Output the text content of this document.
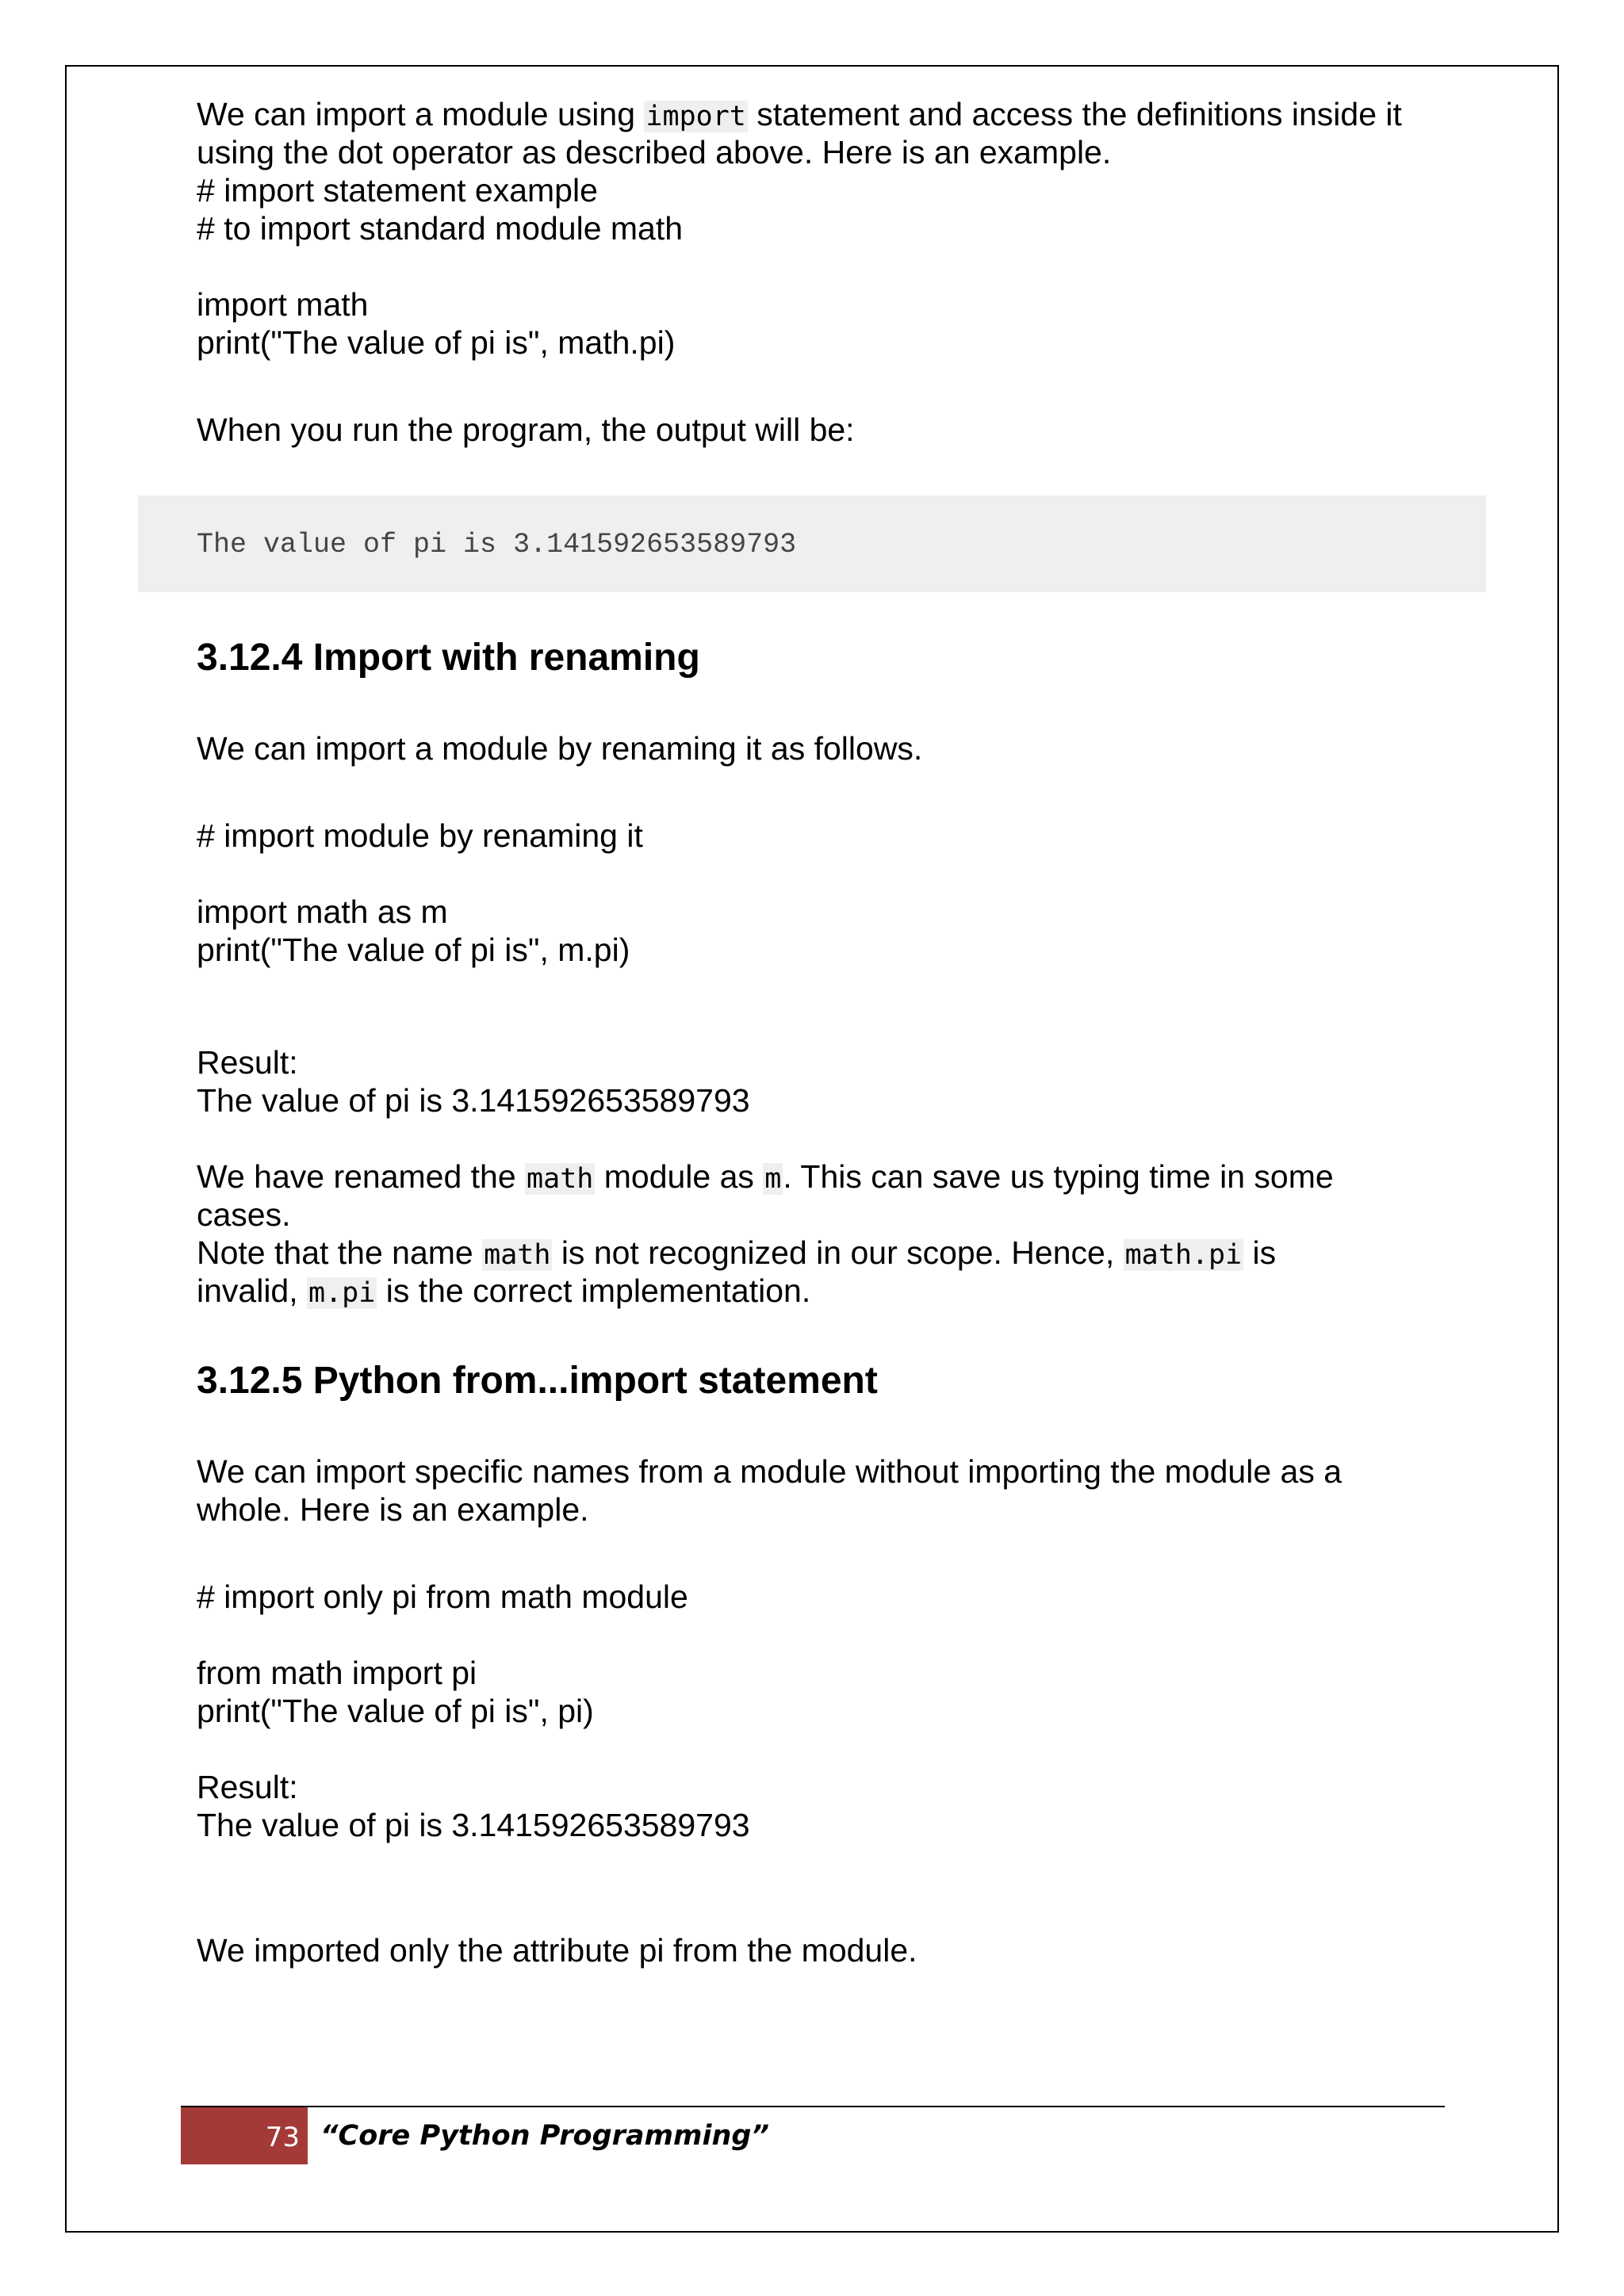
We can import a module using import statement and access the definitions inside it
using the dot operator as described above. Here is an example.
# import statement example
# to import standard module math
import math
print("The value of pi is", math.pi)
When you run the program, the output will be:
The value of pi is 3.141592653589793
3.12.4 Import with renaming
We can import a module by renaming it as follows.
# import module by renaming it
import math as m
print("The value of pi is", m.pi)
Result:
The value of pi is 3.141592653589793
We have renamed the math module as m. This can save us typing time in some
cases.
Note that the name math is not recognized in our scope. Hence, math.pi is
invalid, m.pi is the correct implementation.
3.12.5 Python from...import statement
We can import specific names from a module without importing the module as a
whole. Here is an example.
# import only pi from math module
from math import pi
print("The value of pi is", pi)
Result:
The value of pi is 3.141592653589793
We imported only the attribute pi from the module.
73 “Core Python Programming”
